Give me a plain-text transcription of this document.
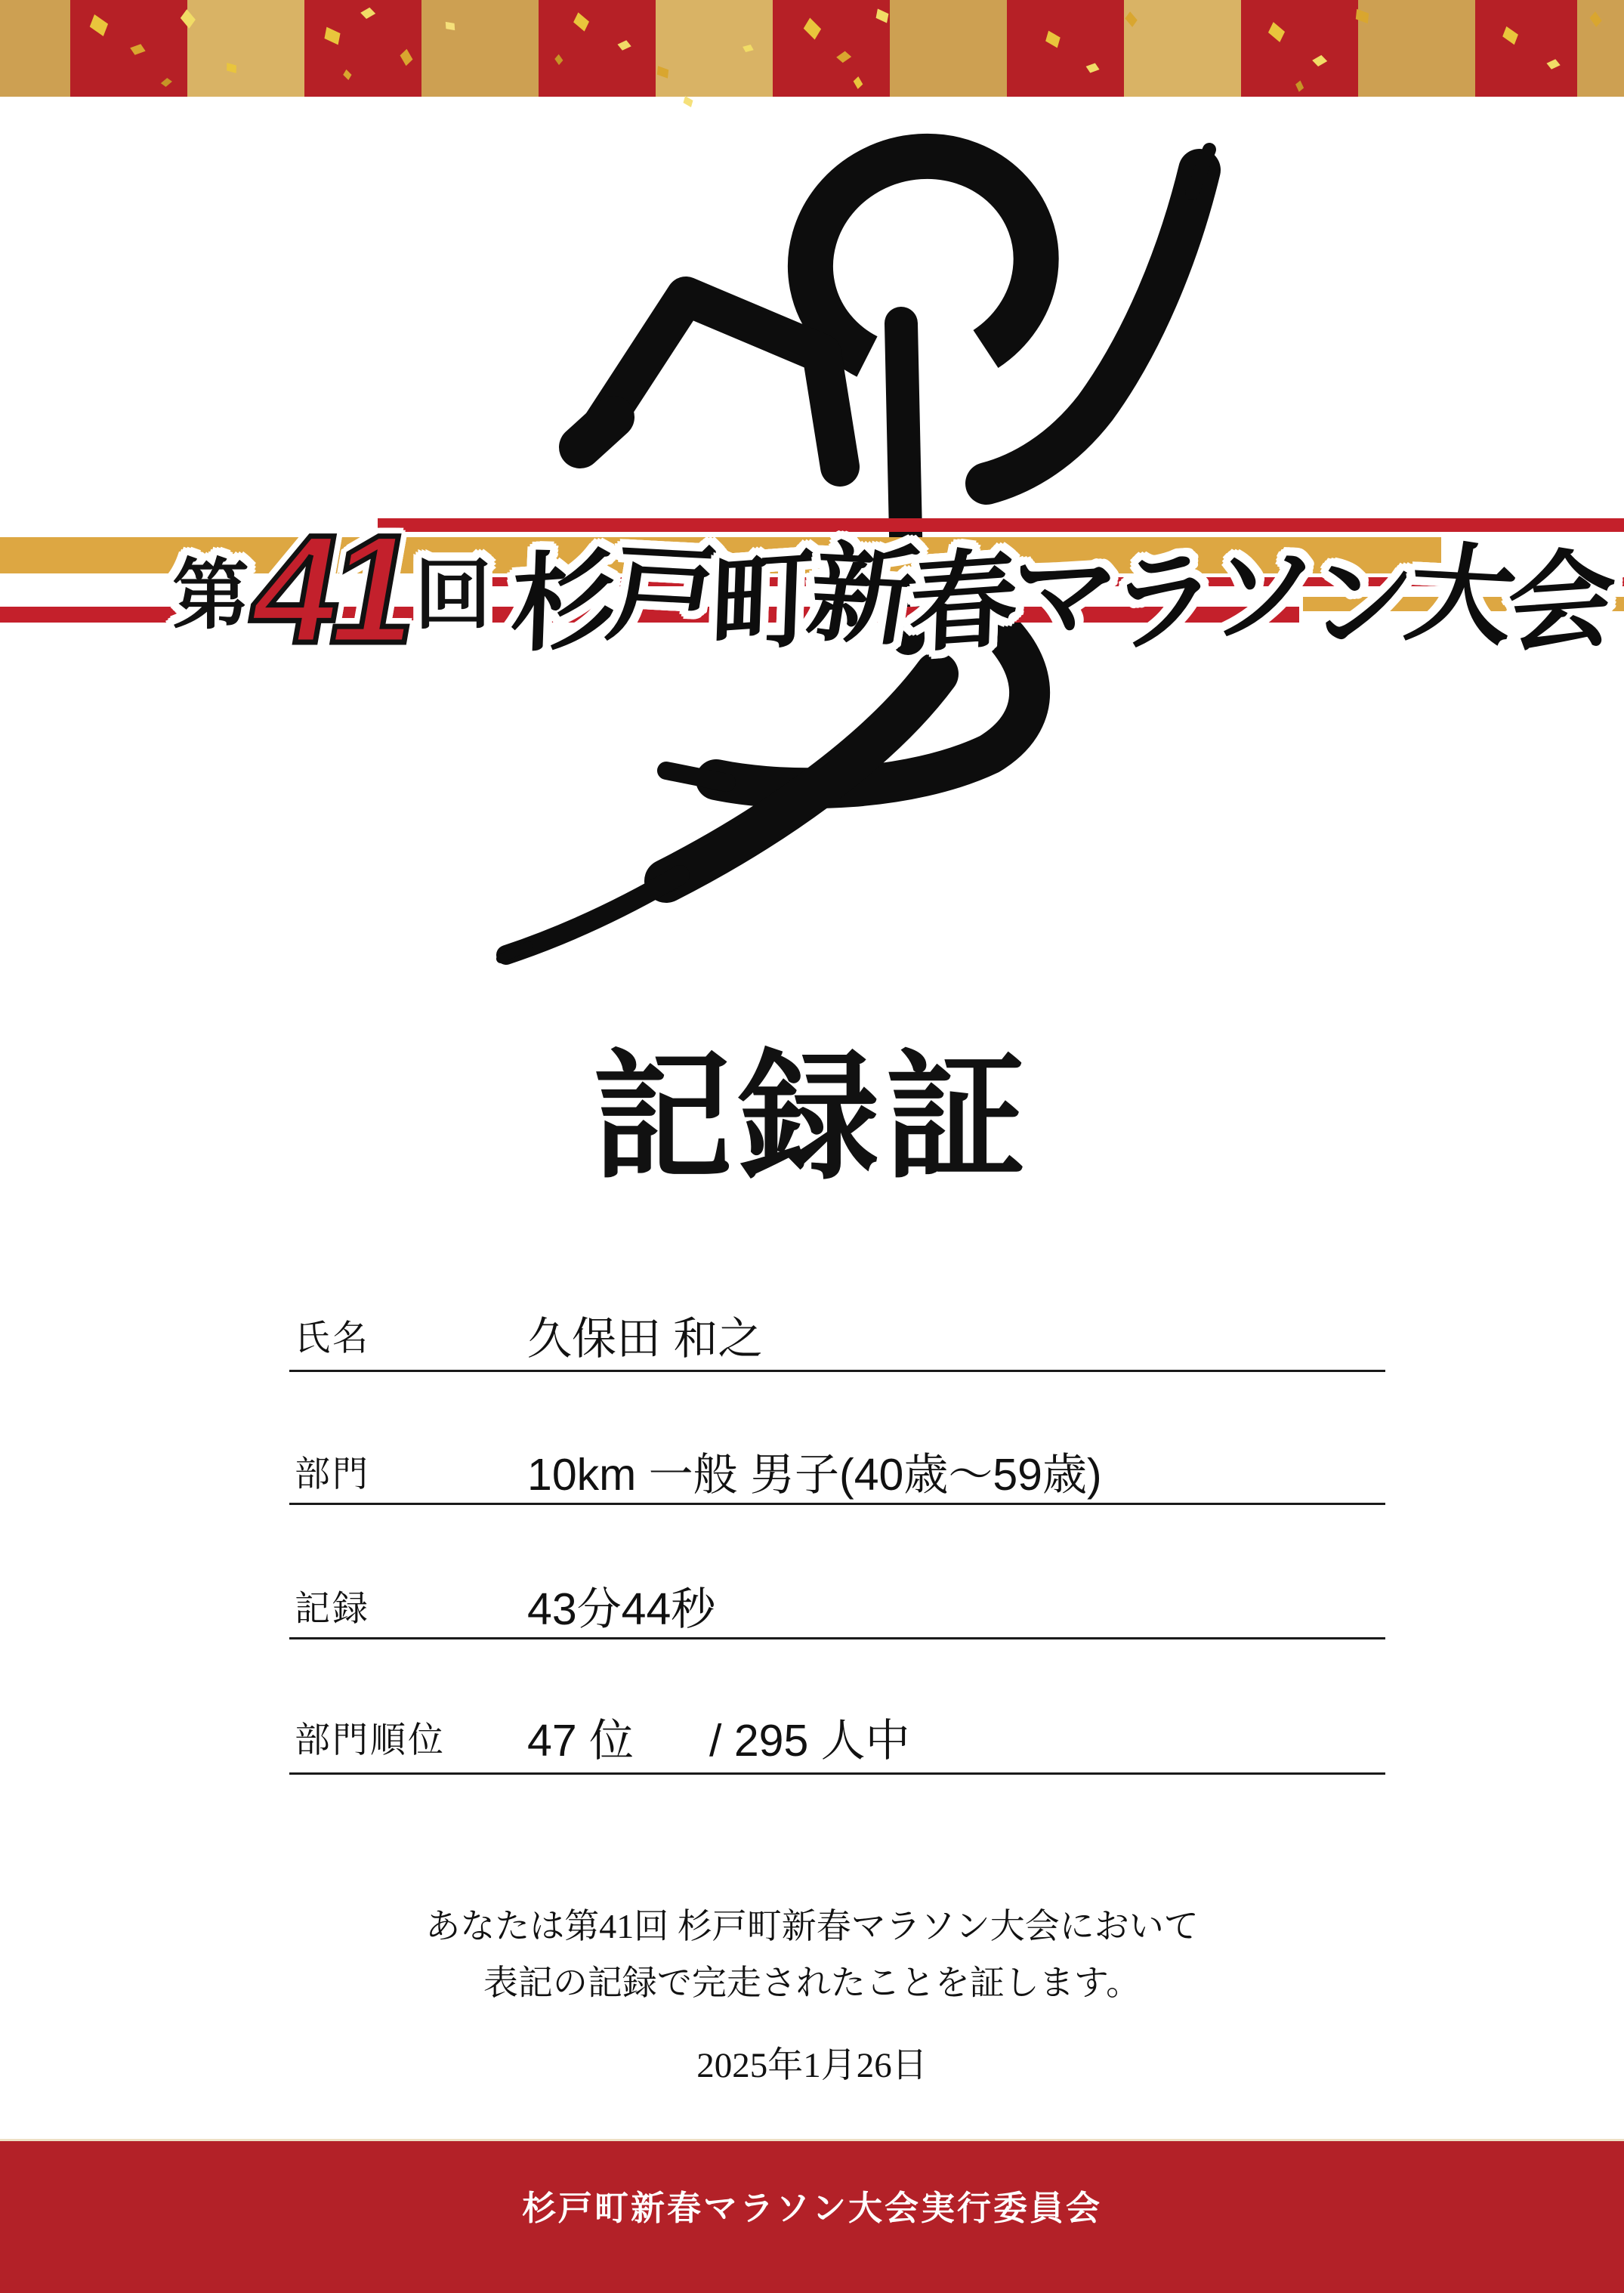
第
41
回 杉戸町新春マラソン大会
記録証
氏名	久保田 和之
部門	10km 一般 男子(40歳～59歳)
記録	43分44秒
部門順位 47 位 / 295 人中
あなたは第41回 杉戸町新春マラソン大会において
表記の記録で完走されたことを証します。
2025年1月26日
杉戸町新春マラソン大会実行委員会
